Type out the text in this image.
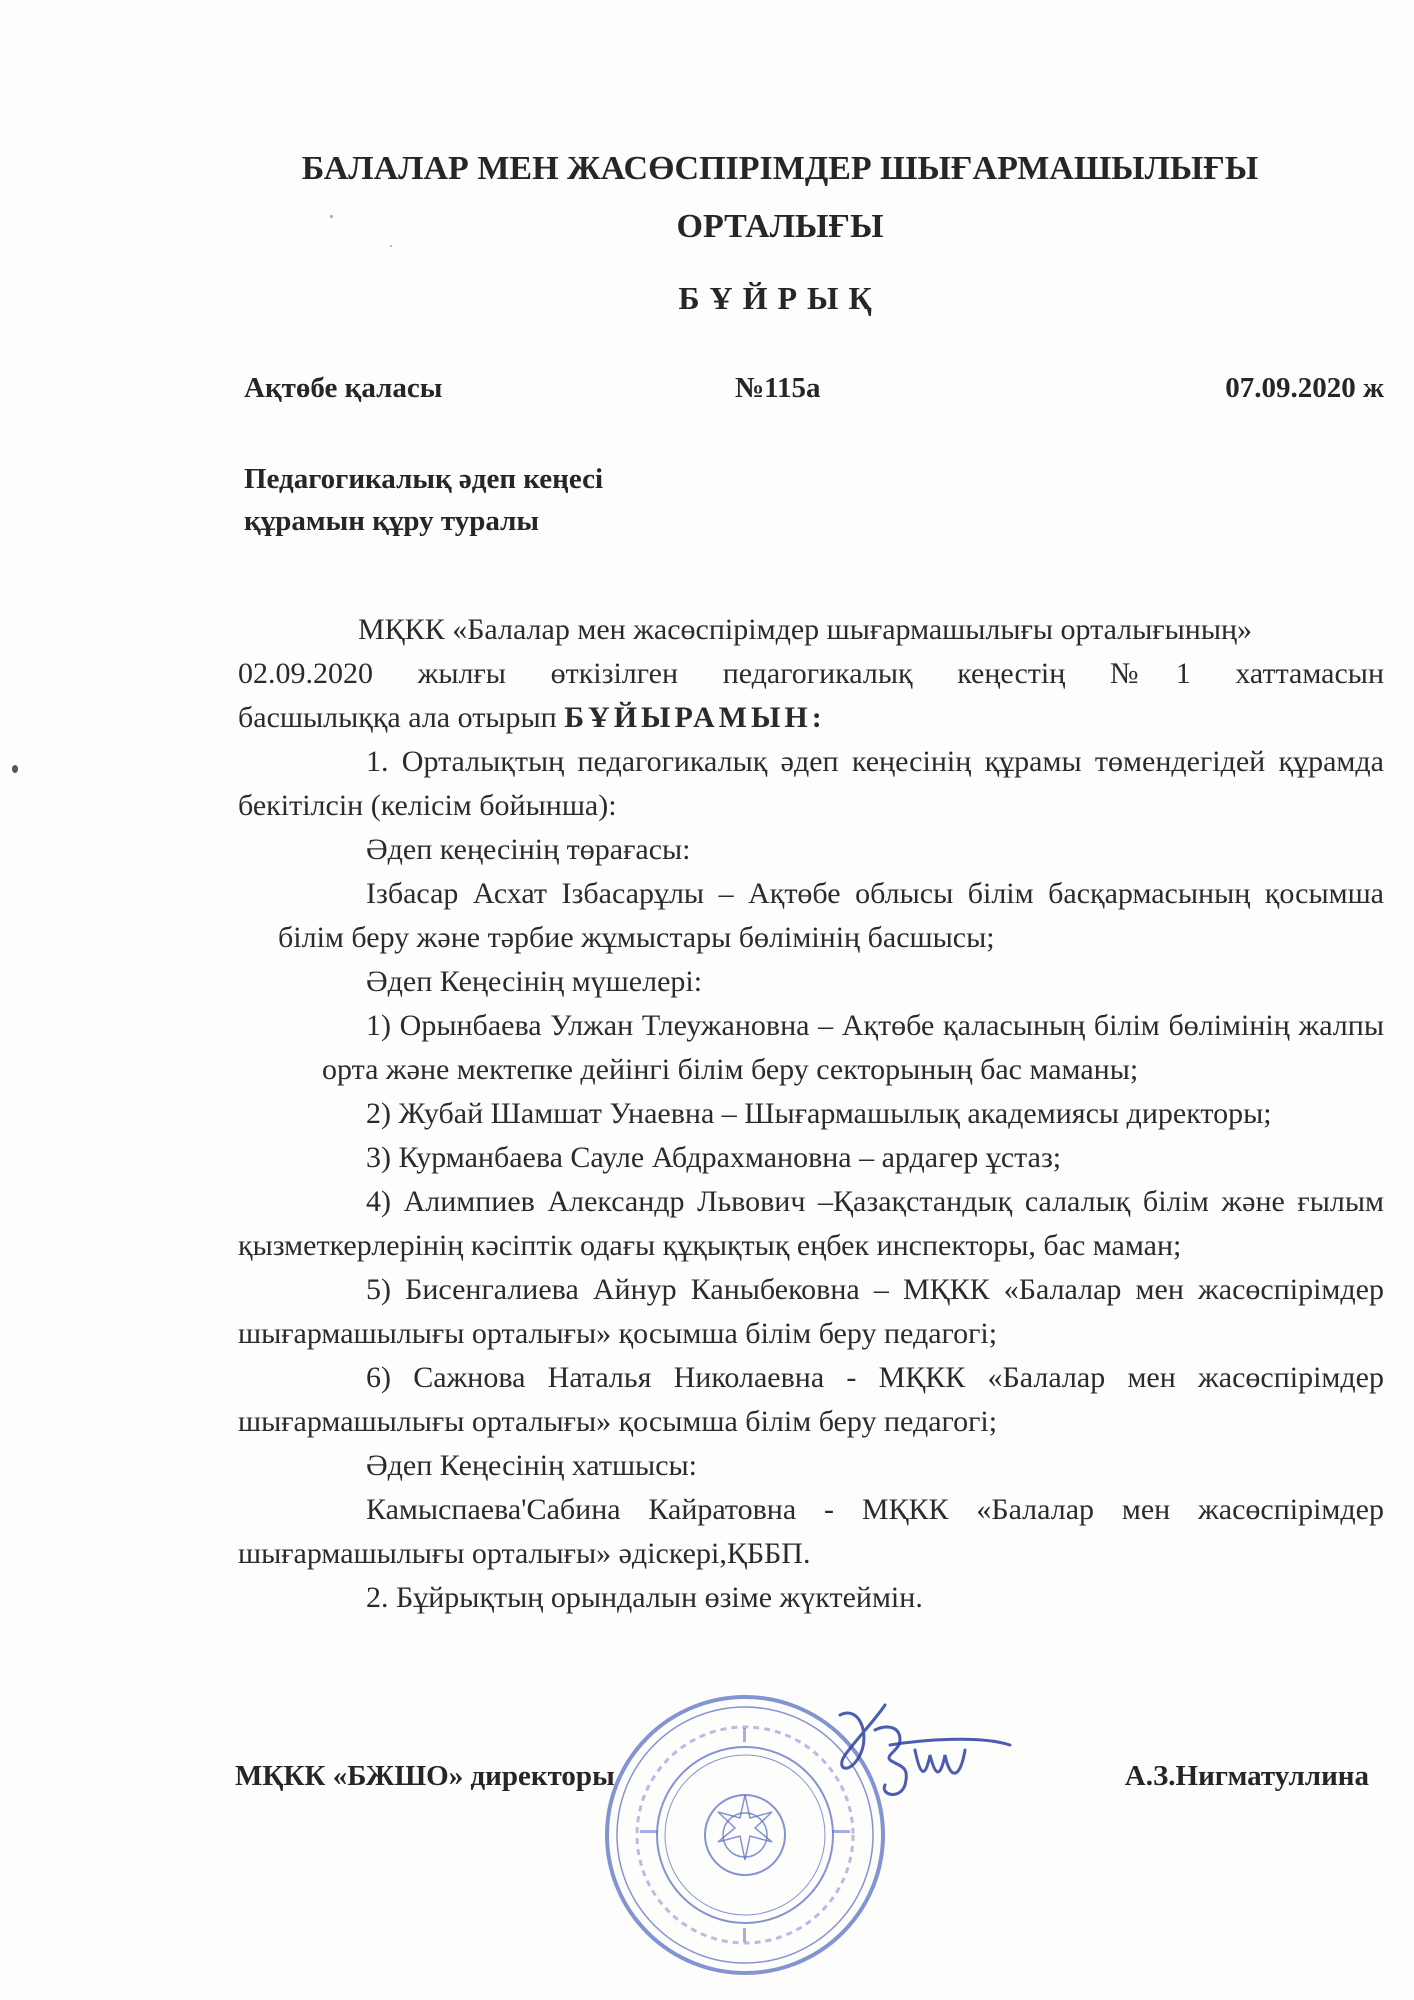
БАЛАЛАР МЕН ЖАСӨСПІРІМДЕР ШЫҒАРМАШЫЛЫҒЫ
ОРТАЛЫҒЫ
БҰЙРЫҚ
Ақтөбе қаласы	№115а	07.09.2020 ж
Педагогикалық әдеп кеңесі
құрамын құру туралы

МҚКК «Балалар мен жасөспірімдер шығармашылығы орталығының»

02.09.2020 жылғы өткізілген педагогикалық кеңестің №1 хаттамасын

басшылыққа ала отырып БҰЙЫРАМЫН:

1. Орталықтың педагогикалық әдеп кеңесінің құрамы төмендегідей құрамда бекітілсін (келісім бойынша):

Әдеп кеңесінің төрағасы:

Ізбасар Асхат Ізбасарұлы – Ақтөбе облысы білім басқармасының қосымша білім беру және тәрбие жұмыстары бөлімінің басшысы;

Әдеп Кеңесінің мүшелері:

1) Орынбаева Улжан Тлеужановна – Ақтөбе қаласының білім бөлімінің жалпы орта және мектепке дейінгі білім беру секторының бас маманы;

2) Жубай Шамшат Унаевна – Шығармашылық академиясы директоры;

3) Курманбаева Сауле Абдрахмановна – ардагер ұстаз;

4) Алимпиев Александр Львович –Қазақстандық салалық білім және ғылым қызметкерлерінің кәсіптік одағы құқықтық еңбек инспекторы, бас маман;

5) Бисенгалиева Айнур Каныбековна – МҚКК «Балалар мен жасөспірімдер шығармашылығы орталығы» қосымша білім беру педагогі;

6) Сажнова Наталья Николаевна - МҚКК «Балалар мен жасөспірімдер шығармашылығы орталығы» қосымша білім беру педагогі;

Әдеп Кеңесінің хатшысы:

Камыспаева'Сабина Кайратовна - МҚКК «Балалар мен жасөспірімдер шығармашылығы орталығы» әдіскері,ҚББП.

2. Бұйрықтың орындалын өзіме жүктеймін.

МҚКК «БЖШО» директоры	А.З.Нигматуллина
